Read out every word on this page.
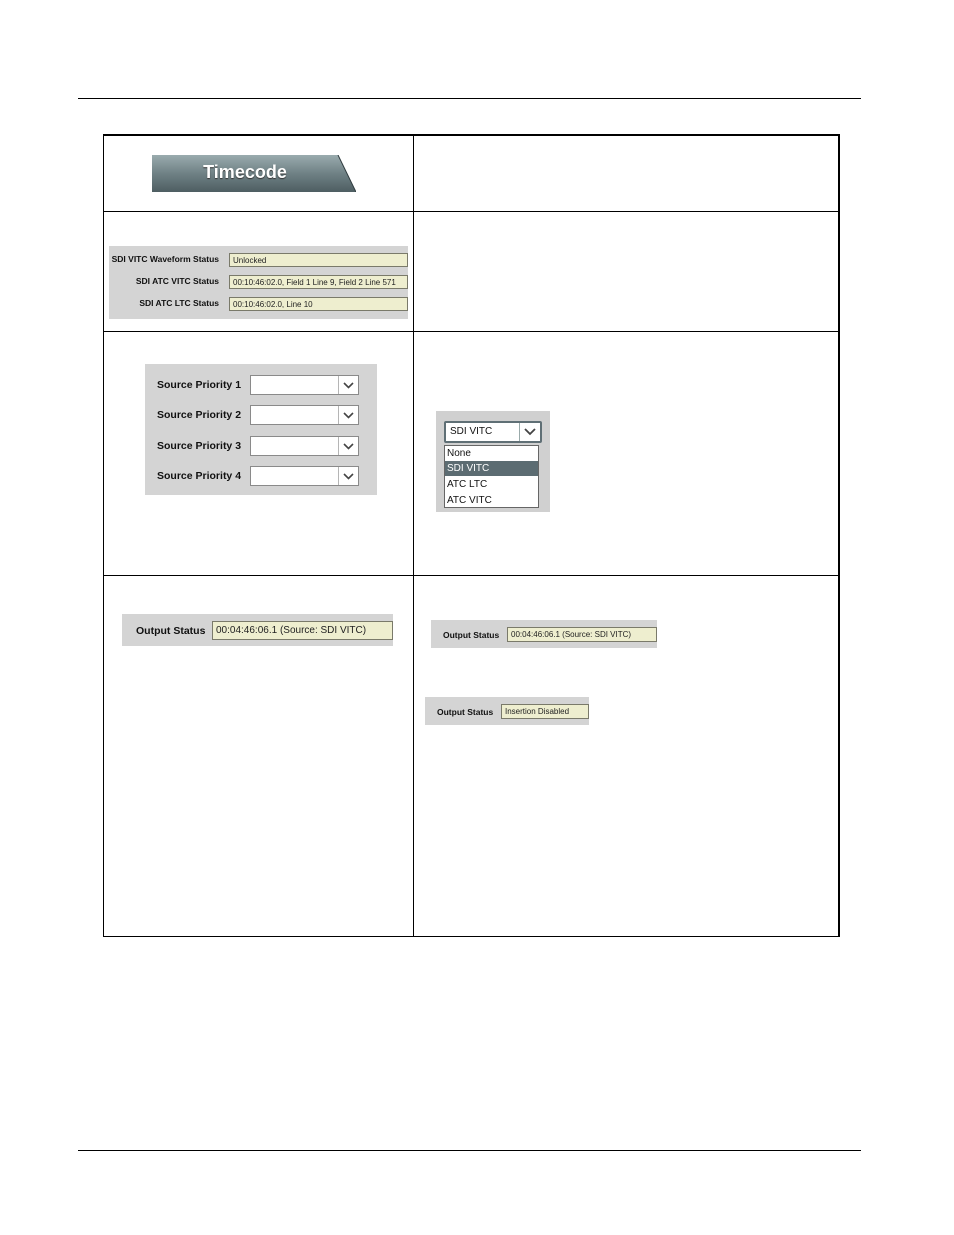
Timecode
SDI VITC Waveform Status	Unlocked
SDI ATC VITC Status	00:10:46:02.0, Field 1 Line 9, Field 2 Line 571
SDI ATC LTC Status	00:10:46:02.0, Line 10
Source Priority 1
Source Priority 2
Source Priority 3
Source Priority 4
SDI VITC
None
SDI VITC
ATC LTC
ATC VITC
Output Status	00:04:46:06.1 (Source: SDI VITC)	Output Status	00:04:46:06.1 (Source: SDI VITC)
Output Status	Insertion Disabled
